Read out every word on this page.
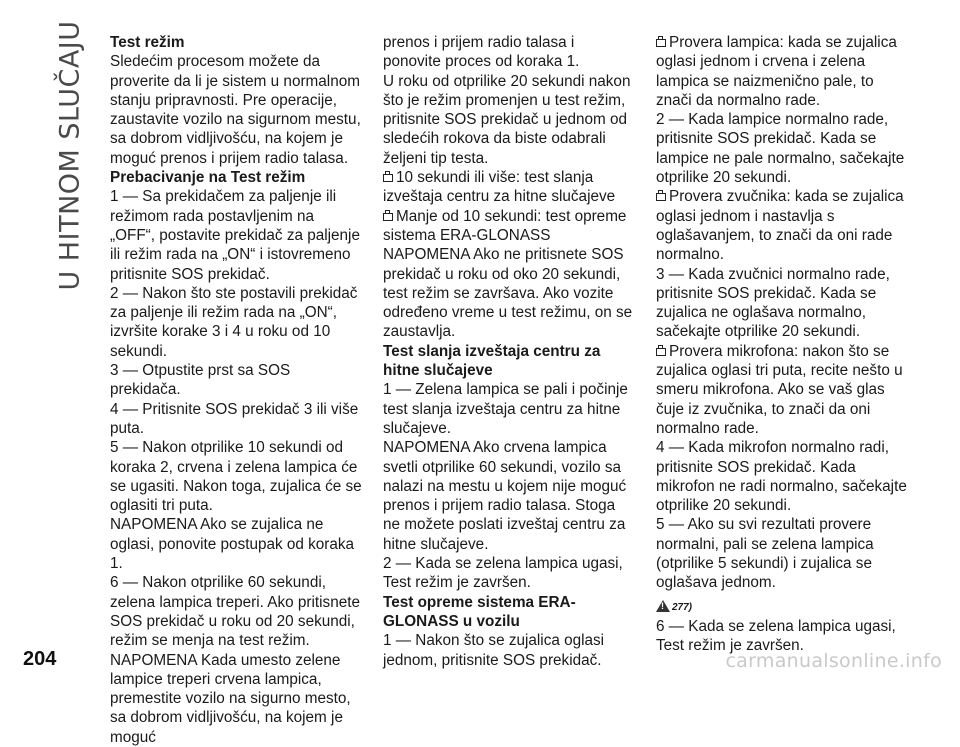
U HITNOM SLUČAJU Test režim

Sledećim procesom možete da proverite da li je sistem u normalnom stanju pripravnosti. Pre operacije, zaustavite vozilo na sigurnom mestu, sa dobrom vidljivošću, na kojem je moguć prenos i prijem radio talasa.

Prebacivanje na Test režim

1 — Sa prekidačem za paljenje ili režimom rada postavljenim na „OFF“, postavite prekidač za paljenje ili režim rada na „ON“ i istovremeno pritisnite SOS prekidač.

2 — Nakon što ste postavili prekidač za paljenje ili režim rada na „ON“, izvršite korake 3 i 4 u roku od 10 sekundi.

3 — Otpustite prst sa SOS prekidača.

4 — Pritisnite SOS prekidač 3 ili više puta.

5 — Nakon otprilike 10 sekundi od koraka 2, crvena i zelena lampica će se ugasiti. Nakon toga, zujalica će se oglasiti tri puta.

NAPOMENA Ako se zujalica ne oglasi, ponovite postupak od koraka 1.

6 — Nakon otprilike 60 sekundi, zelena lampica treperi. Ako pritisnete SOS prekidač u roku od 20 sekundi, režim se menja na test režim.

NAPOMENA Kada umesto zelene lampice treperi crvena lampica, premestite vozilo na sigurno mesto, sa dobrom vidljivošću, na kojem je moguć

prenos i prijem radio talasa i ponovite proces od koraka 1.

U roku od otprilike 20 sekundi nakon što je režim promenjen u test režim, pritisnite SOS prekidač u jednom od sledećih rokova da biste odabrali željeni tip testa.

10 sekundi ili više: test slanja izveštaja centru za hitne slučajeve

Manje od 10 sekundi: test opreme sistema ERA-GLONASS

NAPOMENA Ako ne pritisnete SOS prekidač u roku od oko 20 sekundi, test režim se završava. Ako vozite određeno vreme u test režimu, on se zaustavlja.

Test slanja izveštaja centru za hitne slučajeve

1 — Zelena lampica se pali i počinje test slanja izveštaja centru za hitne slučajeve.

NAPOMENA Ako crvena lampica svetli otprilike 60 sekundi, vozilo sa nalazi na mestu u kojem nije moguć prenos i prijem radio talasa. Stoga ne možete poslati izveštaj centru za hitne slučajeve.

2 — Kada se zelena lampica ugasi, Test režim je završen.

Test opreme sistema ERA-GLONASS u vozilu

1 — Nakon što se zujalica oglasi jednom, pritisnite SOS prekidač.

Provera lampica: kada se zujalica oglasi jednom i crvena i zelena lampica se naizmenično pale, to znači da normalno rade.

2 — Kada lampice normalno rade, pritisnite SOS prekidač. Kada se lampice ne pale normalno, sačekajte otprilike 20 sekundi.

Provera zvučnika: kada se zujalica oglasi jednom i nastavlja s oglašavanjem, to znači da oni rade normalno.

3 — Kada zvučnici normalno rade, pritisnite SOS prekidač. Kada se zujalica ne oglašava normalno, sačekajte otprilike 20 sekundi.

Provera mikrofona: nakon što se zujalica oglasi tri puta, recite nešto u smeru mikrofona. Ako se vaš glas čuje iz zvučnika, to znači da oni normalno rade.

4 — Kada mikrofon normalno radi, pritisnite SOS prekidač. Kada mikrofon ne radi normalno, sačekajte otprilike 20 sekundi.

5 — Ako su svi rezultati provere normalni, pali se zelena lampica (otprilike 5 sekundi) i zujalica se oglašava jednom.

!
277)

6 — Kada se zelena lampica ugasi, Test režim je završen.

204	carmanualsonline.info
